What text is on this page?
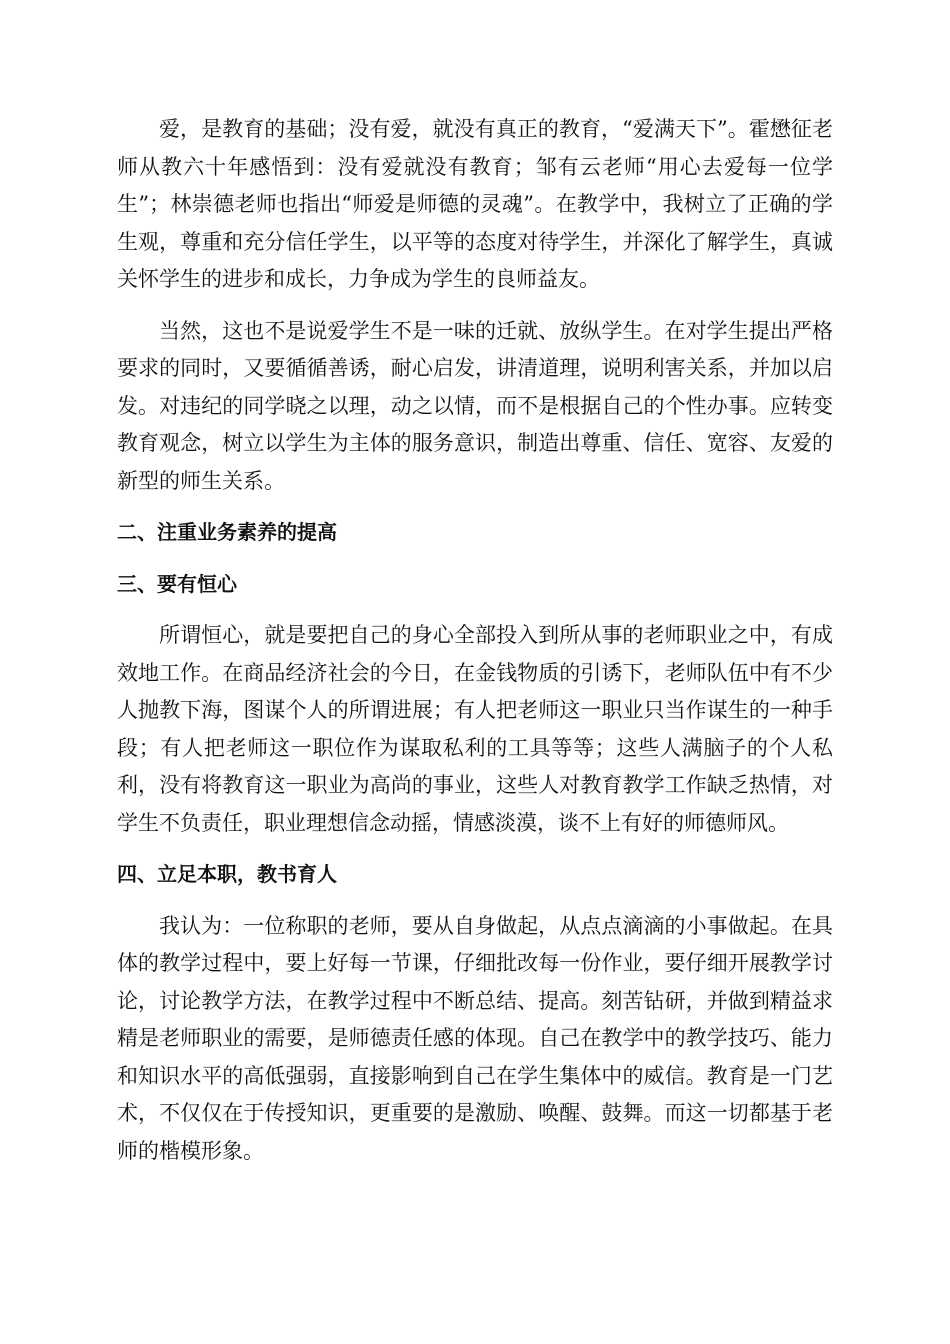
爱，是教育的基础；没有爱，就没有真正的教育，“爱满天下”。霍懋征老师从教六十年感悟到：没有爱就没有教育；邹有云老师“用心去爱每一位学生”；林崇德老师也指出“师爱是师德的灵魂”。在教学中，我树立了正确的学生观，尊重和充分信任学生，以平等的态度对待学生，并深化了解学生，真诚关怀学生的进步和成长，力争成为学生的良师益友。

当然，这也不是说爱学生不是一味的迁就、放纵学生。在对学生提出严格要求的同时，又要循循善诱，耐心启发，讲清道理，说明利害关系，并加以启发。对违纪的同学晓之以理，动之以情，而不是根据自己的个性办事。应转变教育观念，树立以学生为主体的服务意识，制造出尊重、信任、宽容、友爱的新型的师生关系。

二、注重业务素养的提高
三、要有恒心

所谓恒心，就是要把自己的身心全部投入到所从事的老师职业之中，有成效地工作。在商品经济社会的今日，在金钱物质的引诱下，老师队伍中有不少人抛教下海，图谋个人的所谓进展；有人把老师这一职业只当作谋生的一种手段；有人把老师这一职位作为谋取私利的工具等等；这些人满脑子的个人私利，没有将教育这一职业为高尚的事业，这些人对教育教学工作缺乏热情，对学生不负责任，职业理想信念动摇，情感淡漠，谈不上有好的师德师风。

四、立足本职，教书育人

我认为：一位称职的老师，要从自身做起，从点点滴滴的小事做起。在具体的教学过程中，要上好每一节课，仔细批改每一份作业，要仔细开展教学讨论，讨论教学方法，在教学过程中不断总结、提高。刻苦钻研，并做到精益求精是老师职业的需要，是师德责任感的体现。自己在教学中的教学技巧、能力和知识水平的高低强弱，直接影响到自己在学生集体中的威信。教育是一门艺术，不仅仅在于传授知识，更重要的是激励、唤醒、鼓舞。而这一切都基于老师的楷模形象。
